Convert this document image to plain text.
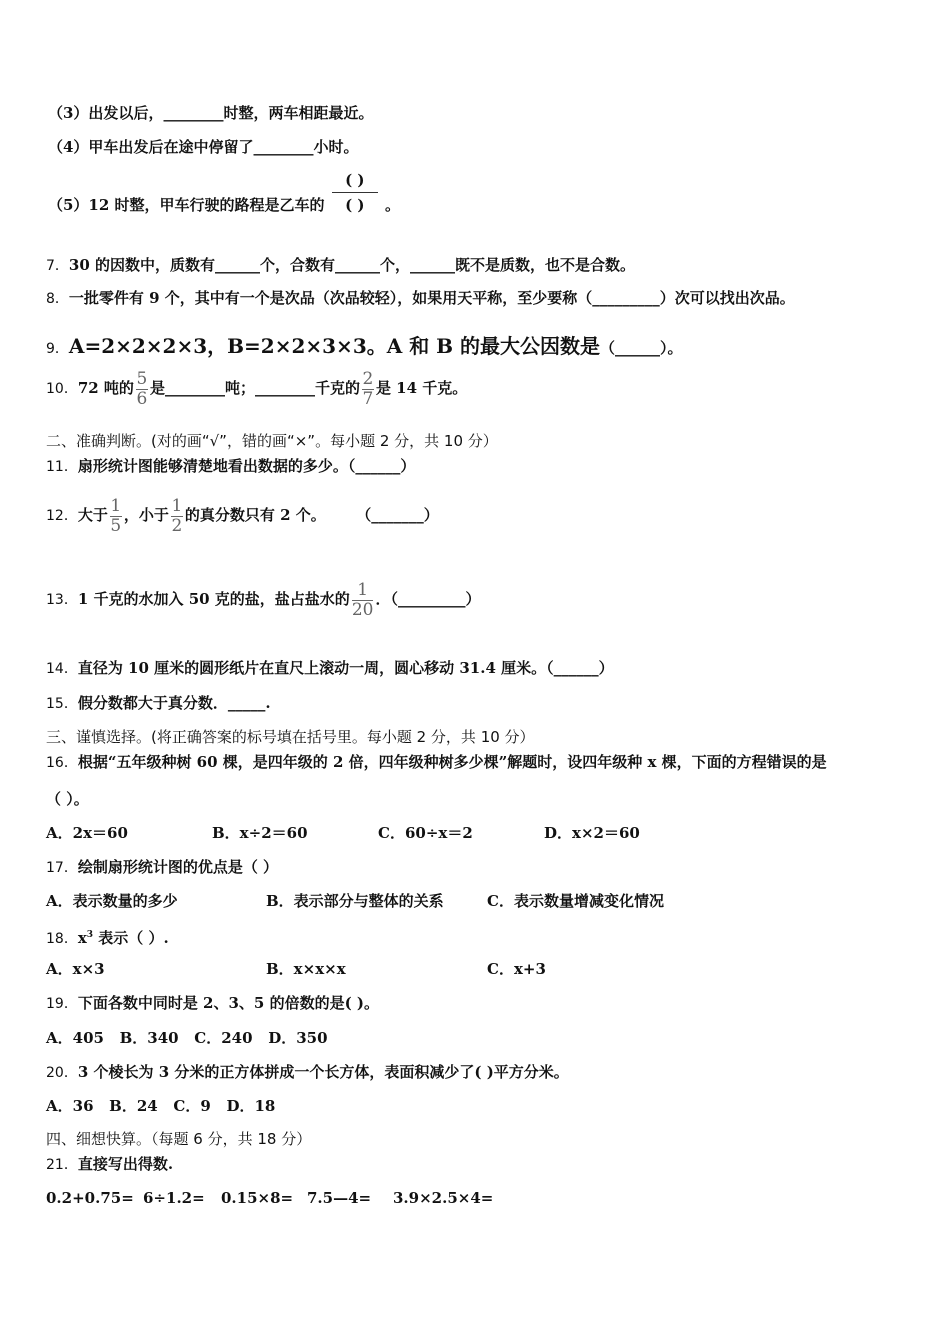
（3）出发以后，________时整，两车相距最近。
（4）甲车出发后在途中停留了________小时。
（5）12 时整，甲车行驶的路程是乙车的
( )
( ) 。
7．30 的因数中，质数有______个，合数有______个，______既不是质数，也不是合数。
8．一批零件有 9 个，其中有一个是次品（次品较轻），如果用天平称，至少要称（_________）次可以找出次品。
9．A=2×2×2×3，B=2×2×3×3。A 和 B 的最大公因数是（______）。
10．72 吨的 $\frac{5}{6}$ 是________吨；________千克的 $\frac{2}{7}$ 是 14 千克。
二、准确判断。(对的画“√”，错的画“×”。每小题 2 分，共 10 分）
11．扇形统计图能够清楚地看出数据的多少。（______）
12．大于 $\frac{1}{5}$ ，小于 $\frac{1}{2}$ 的真分数只有 2 个。	（_______）
13．1 千克的水加入 50 克的盐，盐占盐水的 $\frac{1}{20}$ ．（_________）
14．直径为 10 厘米的圆形纸片在直尺上滚动一周，圆心移动 31.4 厘米。（______）
15．假分数都大于真分数．_____.
三、谨慎选择。(将正确答案的标号填在括号里。每小题 2 分，共 10 分）
16．根据“五年级种树 60 棵，是四年级的 2 倍，四年级种树多少棵”解题时，设四年级种 x 棵，下面的方程错误的是
（ ）。
A．2x＝60	B．x÷2＝60	C．60÷x＝2	D．x×2＝60
17．绘制扇形统计图的优点是（ ）
A．表示数量的多少	B．表示部分与整体的关系	C．表示数量增减变化情况
18．$x^3$ 表示（ ）.
A．x×3	B．x×x×x	C．x+3
19．下面各数中同时是 2、3、5 的倍数的是( )。
A．405   B．340   C．240   D．350
20．3 个棱长为 3 分米的正方体拼成一个长方体，表面积减少了( )平方分米。
A．36   B．24   C．9   D．18
四、细想快算。（每题 6 分，共 18 分）
21．直接写出得数.
0.2+0.75= 6÷1.2= 0.15×8= 7.5—4= 3.9×2.5×4=
